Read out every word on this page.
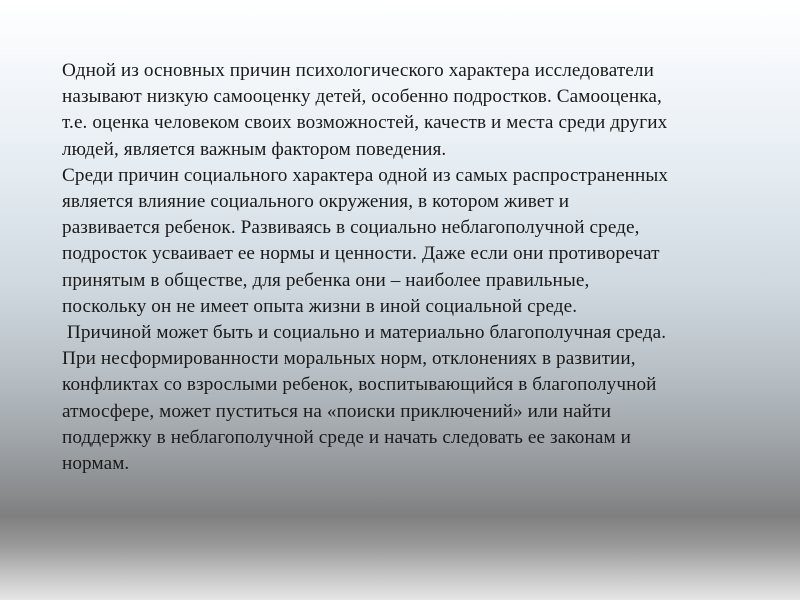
Одной из основных причин психологического характера исследователи
называют низкую самооценку детей, особенно подростков. Самооценка,
т.е. оценка человеком своих возможностей, качеств и места среди других
людей, является важным фактором поведения.
Среди причин социального характера одной из самых распространенных
является влияние социального окружения, в котором живет и
развивается ребенок. Развиваясь в социально неблагополучной среде,
подросток усваивает ее нормы и ценности. Даже если они противоречат
принятым в обществе, для ребенка они – наиболее правильные,
поскольку он не имеет опыта жизни в иной социальной среде.
Причиной может быть и социально и материально благополучная среда.
При несформированности моральных норм, отклонениях в развитии,
конфликтах со взрослыми ребенок, воспитывающийся в благополучной
атмосфере, может пуститься на «поиски приключений» или найти
поддержку в неблагополучной среде и начать следовать ее законам и
нормам.
